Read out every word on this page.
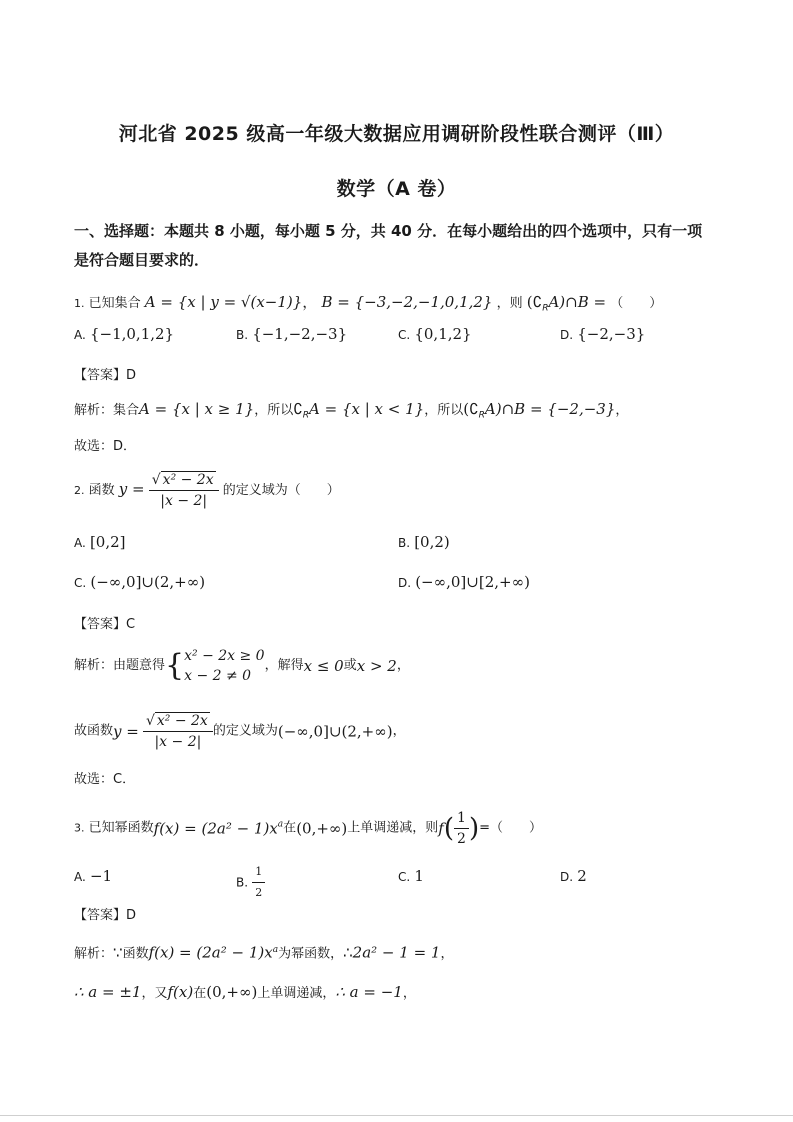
河北省 2025 级高一年级大数据应用调研阶段性联合测评（Ⅲ）
数学（A 卷）
一、选择题：本题共 8 小题，每小题 5 分，共 40 分．在每小题给出的四个选项中，只有一项
是符合题目要求的．
1. 已知集合 A = {x | y = √(x−1)}， B = {−3,−2,−1,0,1,2} ，则 $(∁_RA)\cap B$ = （　　）
A. {−1,0,1,2}	B. {−1,−2,−3}	C. {0,1,2}	D. {−2,−3}
【答案】D
解析：集合A = {x | x ≥ 1}，所以$∁_RA = \{x$ | x < 1}，所以$(∁_RA)\cap B = \{-2,-3\}$，
故选：D．
2. 函数 $y = \frac{\text{√ x² − 2x}}{|x - 2|}$ 的定义域为（　　）
A. [0,2]	B. [0,2)
C. (−∞,0]∪(2,+∞)	D. (−∞,0]∪[2,+∞)
【答案】C
解析：由题意得{ x² − 2x ≥ 0
x − 2 ≠ 0
，解得x ≤ 0或x > 2，
故函数$y = \frac{\text{√ x² − 2x}}{|x - 2|}$ 的定义域为(−∞,0]∪(2,+∞)，
故选：C．
3. 已知幂函数$f(x) = (2a^2 - 1)x^a$在(0,+∞)上单调递减，则$f( \frac{1}{2}$ )=（　　）
A. −1	B. $\frac{1}{2}$	C. 1	D. 2
【答案】D
解析：∵函数$f(x) = (2a^2 - 1)x^a$为幂函数，∴2a² − 1 = 1，
∴ a = ±1，又f(x)在(0,+∞)上单调递减，∴ a = −1，
